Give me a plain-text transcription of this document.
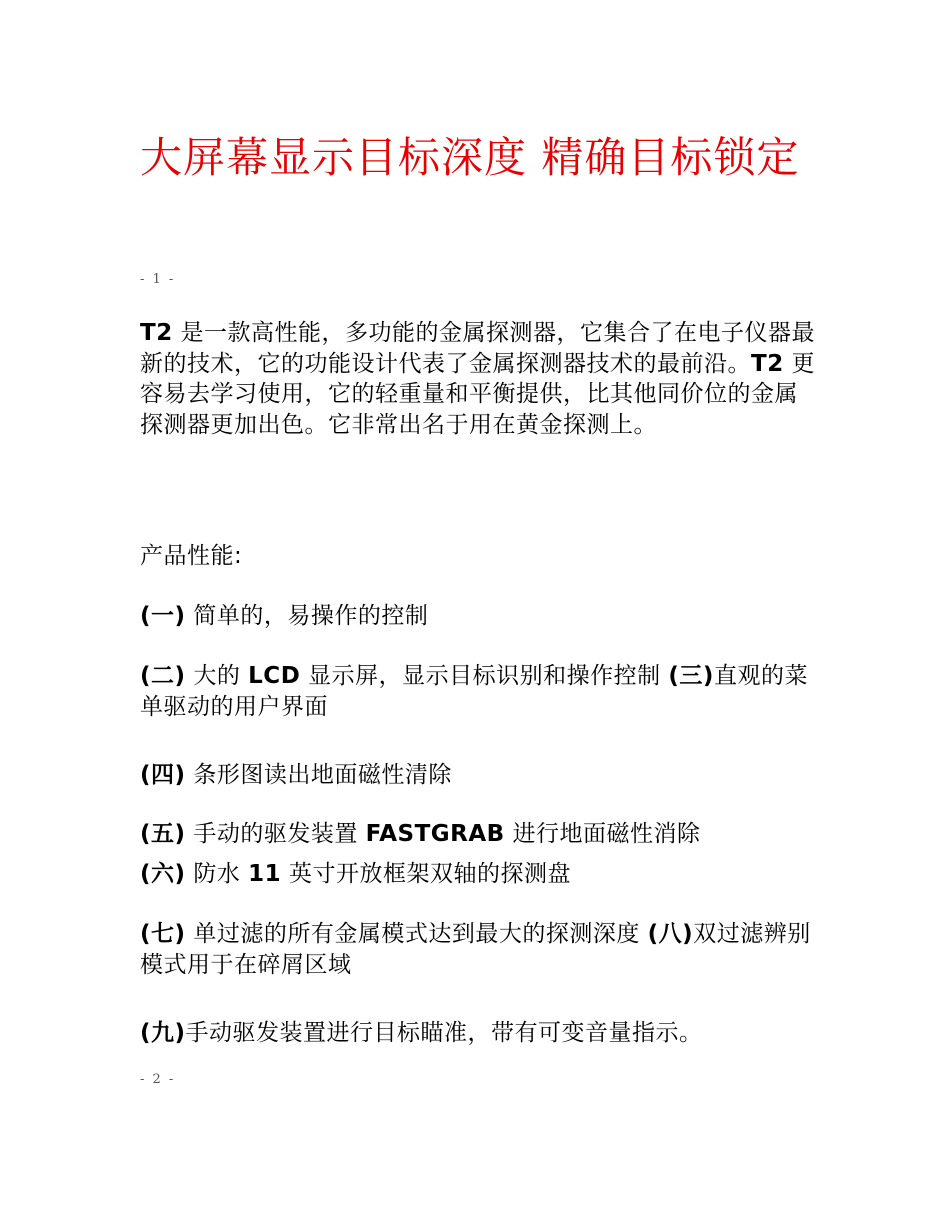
大屏幕显示目标深度 精确目标锁定
- 1 -

T2 是一款高性能，多功能的金属探测器，它集合了在电子仪器最新的技术，它的功能设计代表了金属探测器技术的最前沿。T2 更容易去学习使用，它的轻重量和平衡提供，比其他同价位的金属探测器更加出色。它非常出名于用在黄金探测上。

产品性能:

(一) 简单的，易操作的控制

(二) 大的 LCD 显示屏，显示目标识别和操作控制 (三)直观的菜单驱动的用户界面

(四) 条形图读出地面磁性清除

(五) 手动的驱发装置 FASTGRAB 进行地面磁性消除

(六) 防水 11 英寸开放框架双轴的探测盘

(七) 单过滤的所有金属模式达到最大的探测深度 (八)双过滤辨别模式用于在碎屑区域

(九)手动驱发装置进行目标瞄准，带有可变音量指示。

- 2 -
